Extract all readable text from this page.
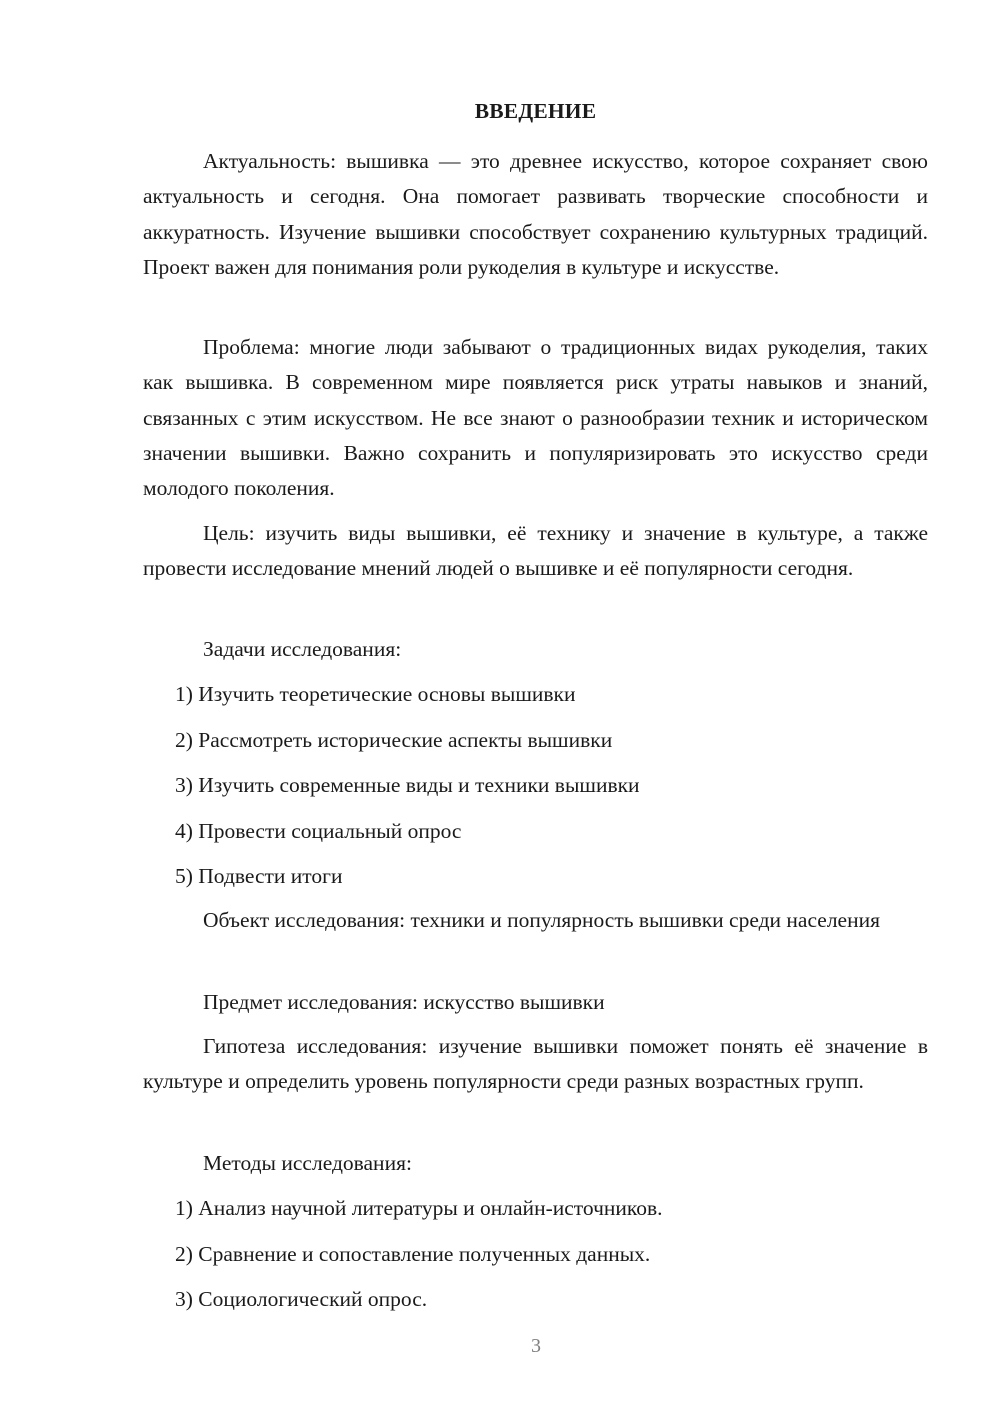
ВВЕДЕНИЕ

Актуальность: вышивка — это древнее искусство, которое сохраняет свою актуальность и сегодня. Она помогает развивать творческие способности и аккуратность. Изучение вышивки способствует сохранению культурных традиций. Проект важен для понимания роли рукоделия в культуре и искусстве.

Проблема: многие люди забывают о традиционных видах рукоделия, таких как вышивка. В современном мире появляется риск утраты навыков и знаний, связанных с этим искусством. Не все знают о разнообразии техник и историческом значении вышивки. Важно сохранить и популяризировать это искусство среди молодого поколения.

Цель: изучить виды вышивки, её технику и значение в культуре, а также провести исследование мнений людей о вышивке и её популярности сегодня.

Задачи исследования:

1) Изучить теоретические основы вышивки

2) Рассмотреть исторические аспекты вышивки

3) Изучить современные виды и техники вышивки

4) Провести социальный опрос

5) Подвести итоги

Объект исследования: техники и популярность вышивки среди населения

Предмет исследования: искусство вышивки

Гипотеза исследования: изучение вышивки поможет понять её значение в культуре и определить уровень популярности среди разных возрастных групп.

Методы исследования:

1) Анализ научной литературы и онлайн-источников.

2) Сравнение и сопоставление полученных данных.

3) Социологический опрос.

3
